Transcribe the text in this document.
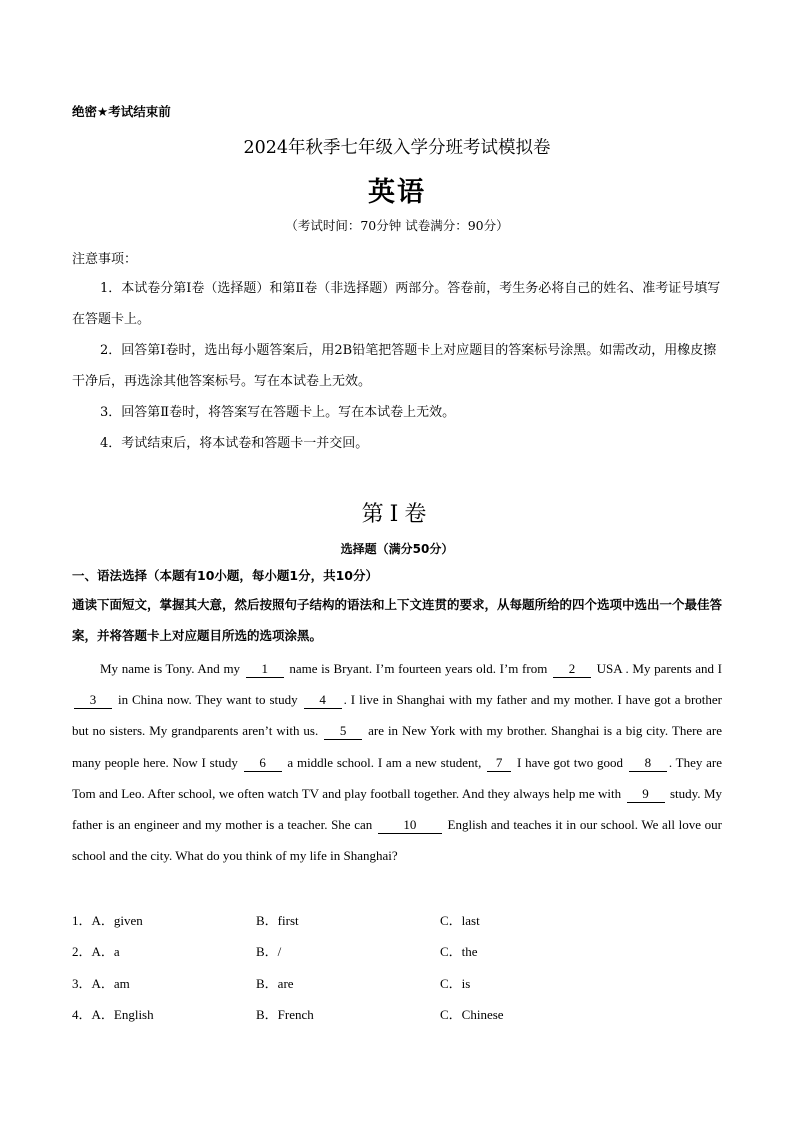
绝密★考试结束前
2024年秋季七年级入学分班考试模拟卷
英语
（考试时间：70分钟 试卷满分：90分）
注意事项：
1．本试卷分第Ⅰ卷（选择题）和第Ⅱ卷（非选择题）两部分。答卷前，考生务必将自己的姓名、准考证号填写在答题卡上。
2．回答第Ⅰ卷时，选出每小题答案后，用2B铅笔把答题卡上对应题目的答案标号涂黑。如需改动，用橡皮擦干净后，再选涂其他答案标号。写在本试卷上无效。
3．回答第Ⅱ卷时，将答案写在答题卡上。写在本试卷上无效。
4．考试结束后，将本试卷和答题卡一并交回。
第Ⅰ卷
选择题（满分50分）
一、语法选择（本题有10小题，每小题1分，共10分）
通读下面短文，掌握其大意，然后按照句子结构的语法和上下文连贯的要求，从每题所给的四个选项中选出一个最佳答案，并将答题卡上对应题目所选的选项涂黑。
My name is Tony. And my 1 name is Bryant. I’m fourteen years old. I’m from 2 USA . My parents and I 3 in China now. They want to study 4 . I live in Shanghai with my father and my mother. I have got a brother but no sisters. My grandparents aren’t with us. 5 are in New York with my brother. Shanghai is a big city. There are many people here. Now I study 6 a middle school. I am a new student, 7 I have got two good 8 . They are Tom and Leo. After school, we often watch TV and play football together. And they always help me with 9 study. My father is an engineer and my mother is a teacher. She can 10 English and teaches it in our school. We all love our school and the city. What do you think of my life in Shanghai?
1．A．given	B．first	C．last
2．A．a	B．/	C．the
3．A．am	B．are	C．is
4．A．English	B．French	C．Chinese
